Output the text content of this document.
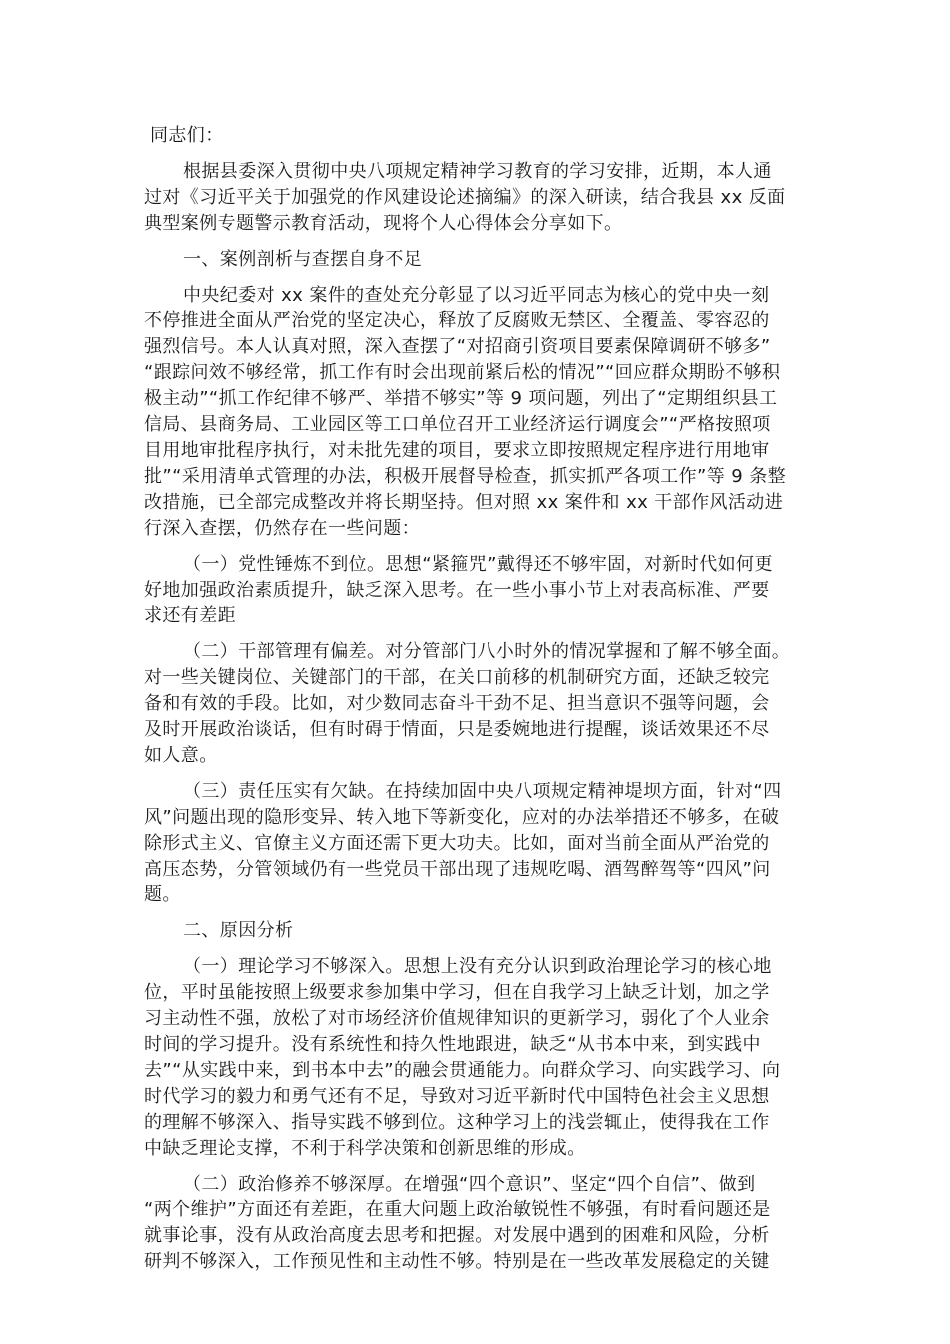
同志们：
根据县委深入贯彻中央八项规定精神学习教育的学习安排，近期，本人通
过对《习近平关于加强党的作风建设论述摘编》的深入研读，结合我县 xx 反面
典型案例专题警示教育活动，现将个人心得体会分享如下。
一、案例剖析与查摆自身不足
中央纪委对 xx 案件的查处充分彰显了以习近平同志为核心的党中央一刻
不停推进全面从严治党的坚定决心，释放了反腐败无禁区、全覆盖、零容忍的
强烈信号。本人认真对照，深入查摆了“对招商引资项目要素保障调研不够多”
“跟踪问效不够经常，抓工作有时会出现前紧后松的情况”“回应群众期盼不够积
极主动”“抓工作纪律不够严、举措不够实”等 9 项问题，列出了“定期组织县工
信局、县商务局、工业园区等工口单位召开工业经济运行调度会”“严格按照项
目用地审批程序执行，对未批先建的项目，要求立即按照规定程序进行用地审
批”“采用清单式管理的办法，积极开展督导检查，抓实抓严各项工作”等 9 条整
改措施，已全部完成整改并将长期坚持。但对照 xx 案件和 xx 干部作风活动进
行深入查摆，仍然存在一些问题：
（一）党性锤炼不到位。思想“紧箍咒”戴得还不够牢固，对新时代如何更
好地加强政治素质提升，缺乏深入思考。在一些小事小节上对表高标准、严要
求还有差距
（二）干部管理有偏差。对分管部门八小时外的情况掌握和了解不够全面。
对一些关键岗位、关键部门的干部，在关口前移的机制研究方面，还缺乏较完
备和有效的手段。比如，对少数同志奋斗干劲不足、担当意识不强等问题，会
及时开展政治谈话，但有时碍于情面，只是委婉地进行提醒，谈话效果还不尽
如人意。
（三）责任压实有欠缺。在持续加固中央八项规定精神堤坝方面，针对“四
风”问题出现的隐形变异、转入地下等新变化，应对的办法举措还不够多，在破
除形式主义、官僚主义方面还需下更大功夫。比如，面对当前全面从严治党的
高压态势，分管领域仍有一些党员干部出现了违规吃喝、酒驾醉驾等“四风”问
题。
二、原因分析
（一）理论学习不够深入。思想上没有充分认识到政治理论学习的核心地
位，平时虽能按照上级要求参加集中学习，但在自我学习上缺乏计划，加之学
习主动性不强，放松了对市场经济价值规律知识的更新学习，弱化了个人业余
时间的学习提升。没有系统性和持久性地跟进，缺乏“从书本中来，到实践中
去”“从实践中来，到书本中去”的融会贯通能力。向群众学习、向实践学习、向
时代学习的毅力和勇气还有不足，导致对习近平新时代中国特色社会主义思想
的理解不够深入、指导实践不够到位。这种学习上的浅尝辄止，使得我在工作
中缺乏理论支撑，不利于科学决策和创新思维的形成。
（二）政治修养不够深厚。在增强“四个意识”、坚定“四个自信”、做到
“两个维护”方面还有差距，在重大问题上政治敏锐性不够强，有时看问题还是
就事论事，没有从政治高度去思考和把握。对发展中遇到的困难和风险，分析
研判不够深入，工作预见性和主动性不够。特别是在一些改革发展稳定的关键
